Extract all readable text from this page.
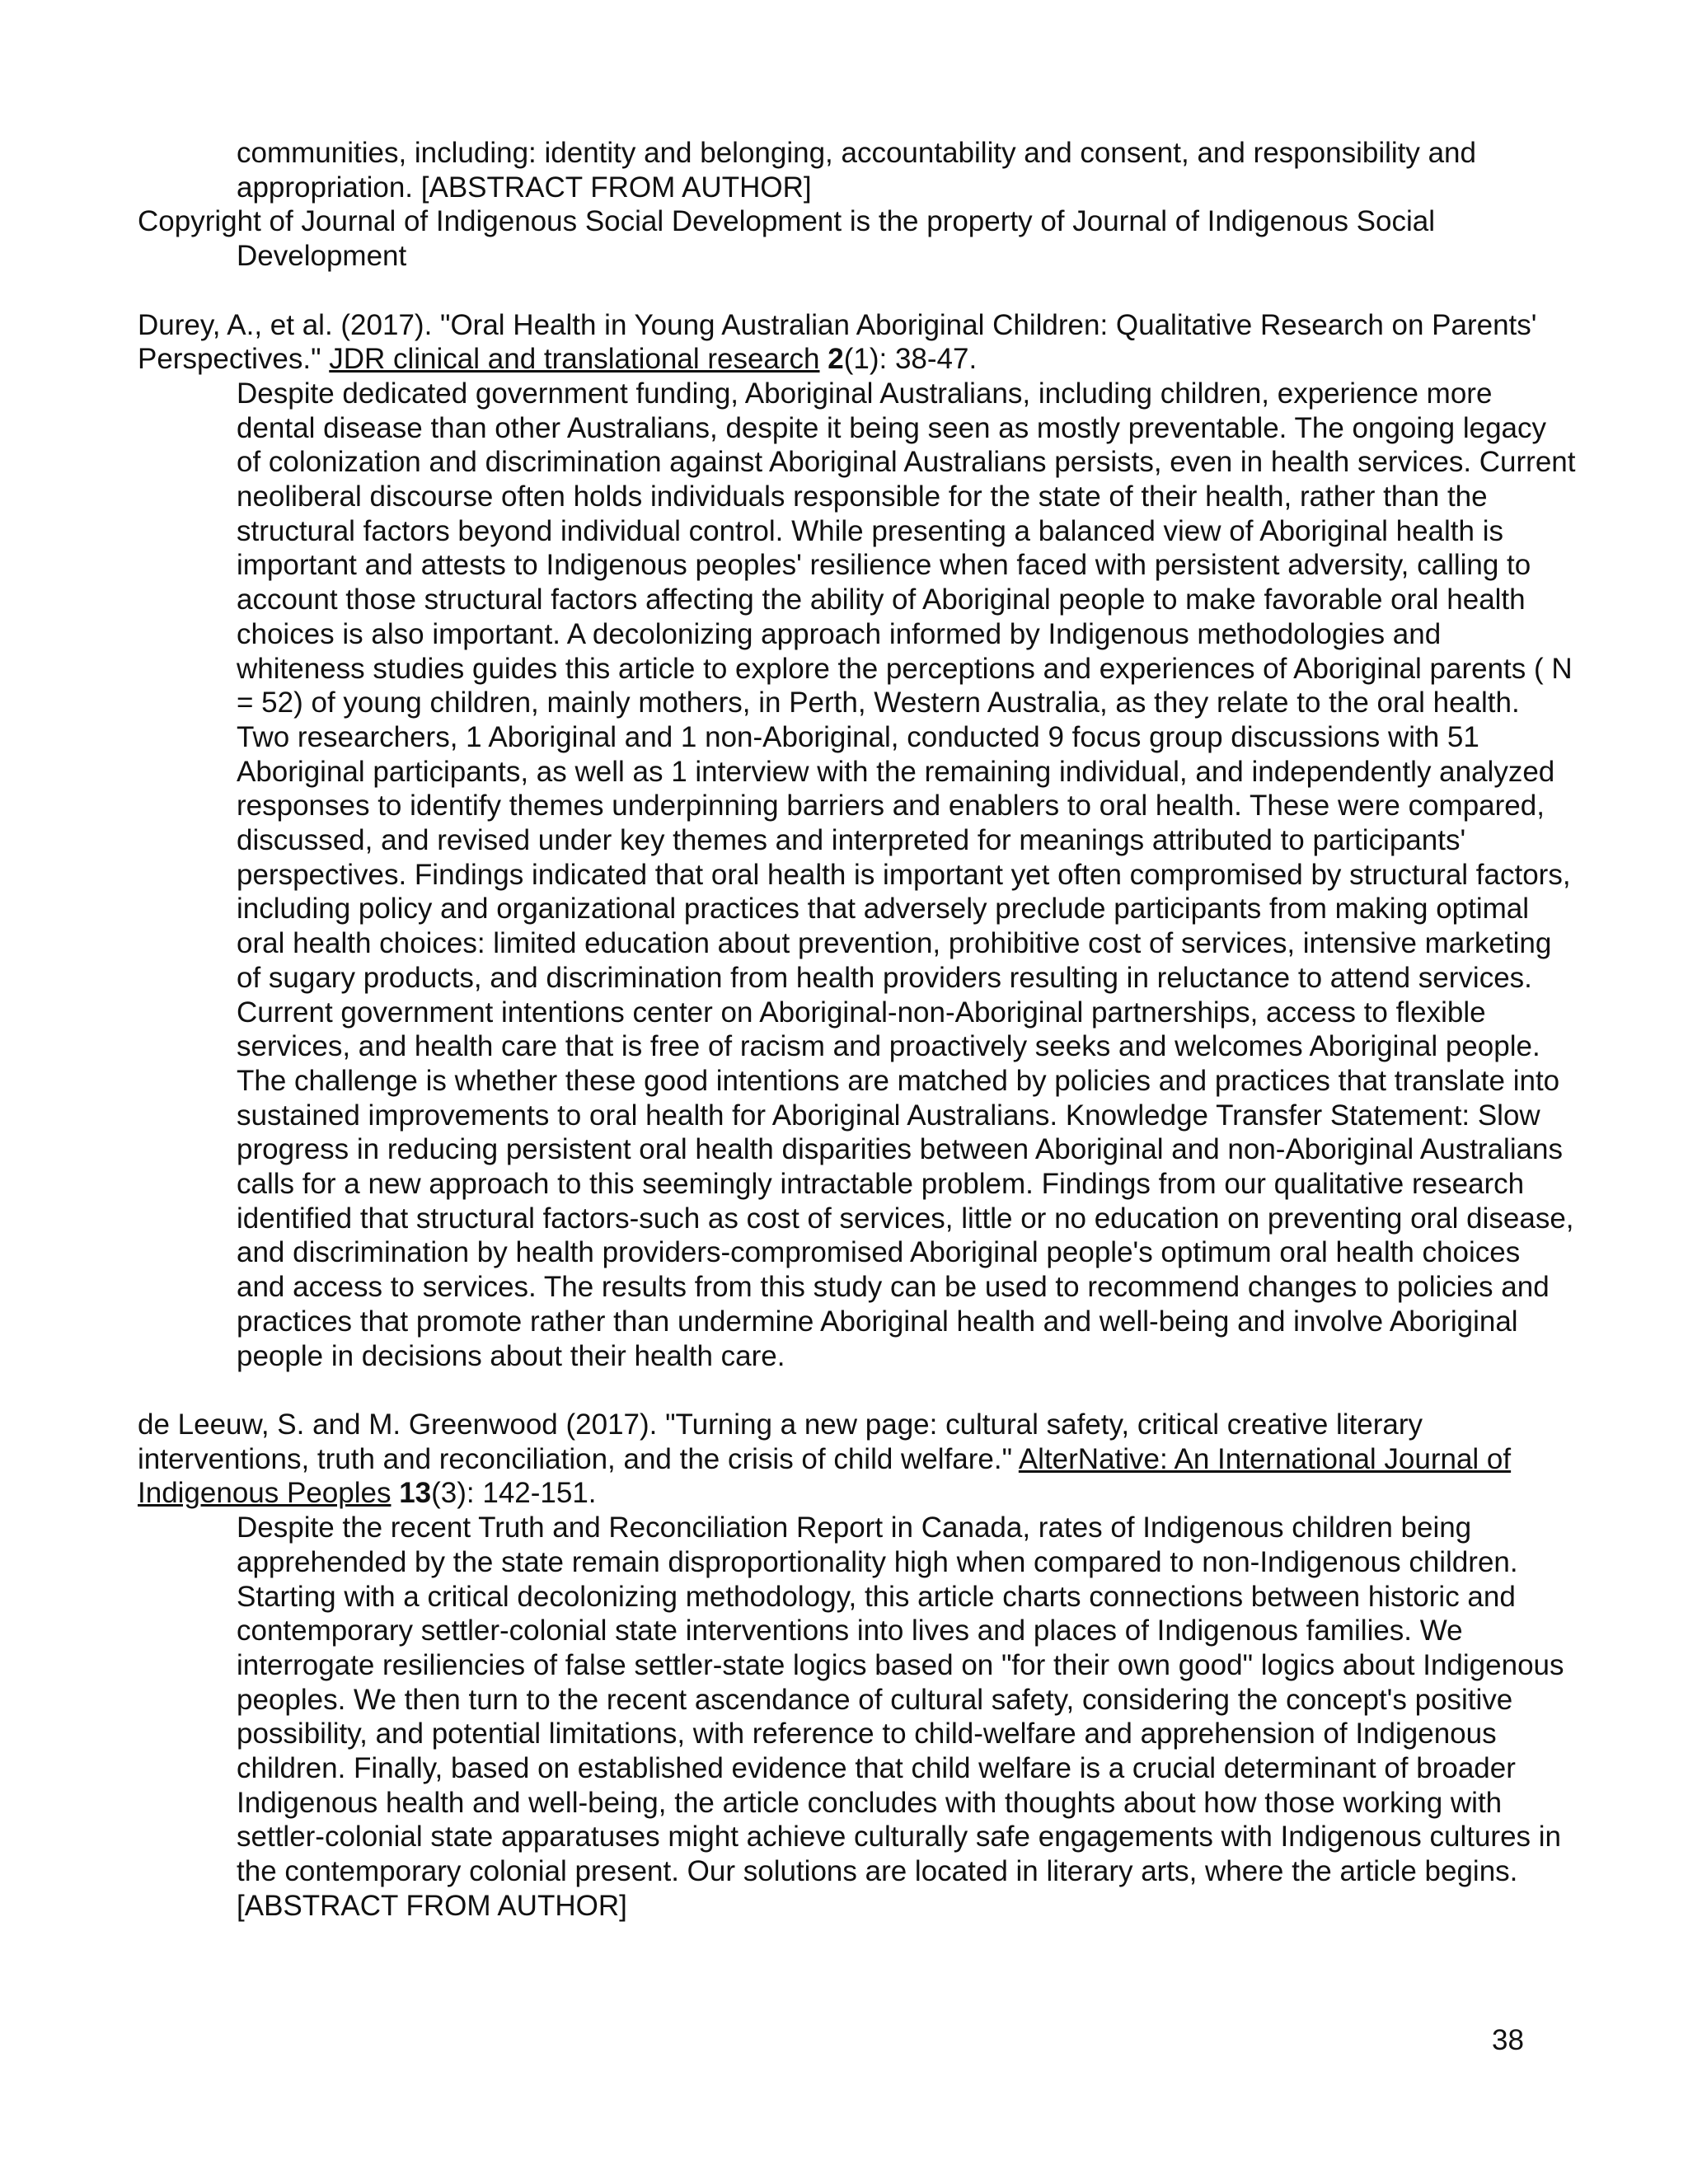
communities, including: identity and belonging, accountability and consent, and responsibility and appropriation. [ABSTRACT FROM AUTHOR]

Copyright of Journal of Indigenous Social Development is the property of Journal of Indigenous Social Development

Durey, A., et al. (2017). "Oral Health in Young Australian Aboriginal Children: Qualitative Research on Parents' Perspectives." JDR clinical and translational research 2(1): 38-47.

Despite dedicated government funding, Aboriginal Australians, including children, experience more dental disease than other Australians, despite it being seen as mostly preventable. The ongoing legacy of colonization and discrimination against Aboriginal Australians persists, even in health services. Current neoliberal discourse often holds individuals responsible for the state of their health, rather than the structural factors beyond individual control. While presenting a balanced view of Aboriginal health is important and attests to Indigenous peoples' resilience when faced with persistent adversity, calling to account those structural factors affecting the ability of Aboriginal people to make favorable oral health choices is also important. A decolonizing approach informed by Indigenous methodologies and whiteness studies guides this article to explore the perceptions and experiences of Aboriginal parents ( N = 52) of young children, mainly mothers, in Perth, Western Australia, as they relate to the oral health. Two researchers, 1 Aboriginal and 1 non-Aboriginal, conducted 9 focus group discussions with 51 Aboriginal participants, as well as 1 interview with the remaining individual, and independently analyzed responses to identify themes underpinning barriers and enablers to oral health. These were compared, discussed, and revised under key themes and interpreted for meanings attributed to participants' perspectives. Findings indicated that oral health is important yet often compromised by structural factors, including policy and organizational practices that adversely preclude participants from making optimal oral health choices: limited education about prevention, prohibitive cost of services, intensive marketing of sugary products, and discrimination from health providers resulting in reluctance to attend services. Current government intentions center on Aboriginal-non-Aboriginal partnerships, access to flexible services, and health care that is free of racism and proactively seeks and welcomes Aboriginal people. The challenge is whether these good intentions are matched by policies and practices that translate into sustained improvements to oral health for Aboriginal Australians. Knowledge Transfer Statement: Slow progress in reducing persistent oral health disparities between Aboriginal and non-Aboriginal Australians calls for a new approach to this seemingly intractable problem. Findings from our qualitative research identified that structural factors-such as cost of services, little or no education on preventing oral disease, and discrimination by health providers-compromised Aboriginal people's optimum oral health choices and access to services. The results from this study can be used to recommend changes to policies and practices that promote rather than undermine Aboriginal health and well-being and involve Aboriginal people in decisions about their health care.

de Leeuw, S. and M. Greenwood (2017). "Turning a new page: cultural safety, critical creative literary interventions, truth and reconciliation, and the crisis of child welfare." AlterNative: An International Journal of Indigenous Peoples 13(3): 142-151.

Despite the recent Truth and Reconciliation Report in Canada, rates of Indigenous children being apprehended by the state remain disproportionality high when compared to non-Indigenous children. Starting with a critical decolonizing methodology, this article charts connections between historic and contemporary settler-colonial state interventions into lives and places of Indigenous families. We interrogate resiliencies of false settler-state logics based on "for their own good" logics about Indigenous peoples. We then turn to the recent ascendance of cultural safety, considering the concept's positive possibility, and potential limitations, with reference to child-welfare and apprehension of Indigenous children. Finally, based on established evidence that child welfare is a crucial determinant of broader Indigenous health and well-being, the article concludes with thoughts about how those working with settler-colonial state apparatuses might achieve culturally safe engagements with Indigenous cultures in the contemporary colonial present. Our solutions are located in literary arts, where the article begins. [ABSTRACT FROM AUTHOR]

38
